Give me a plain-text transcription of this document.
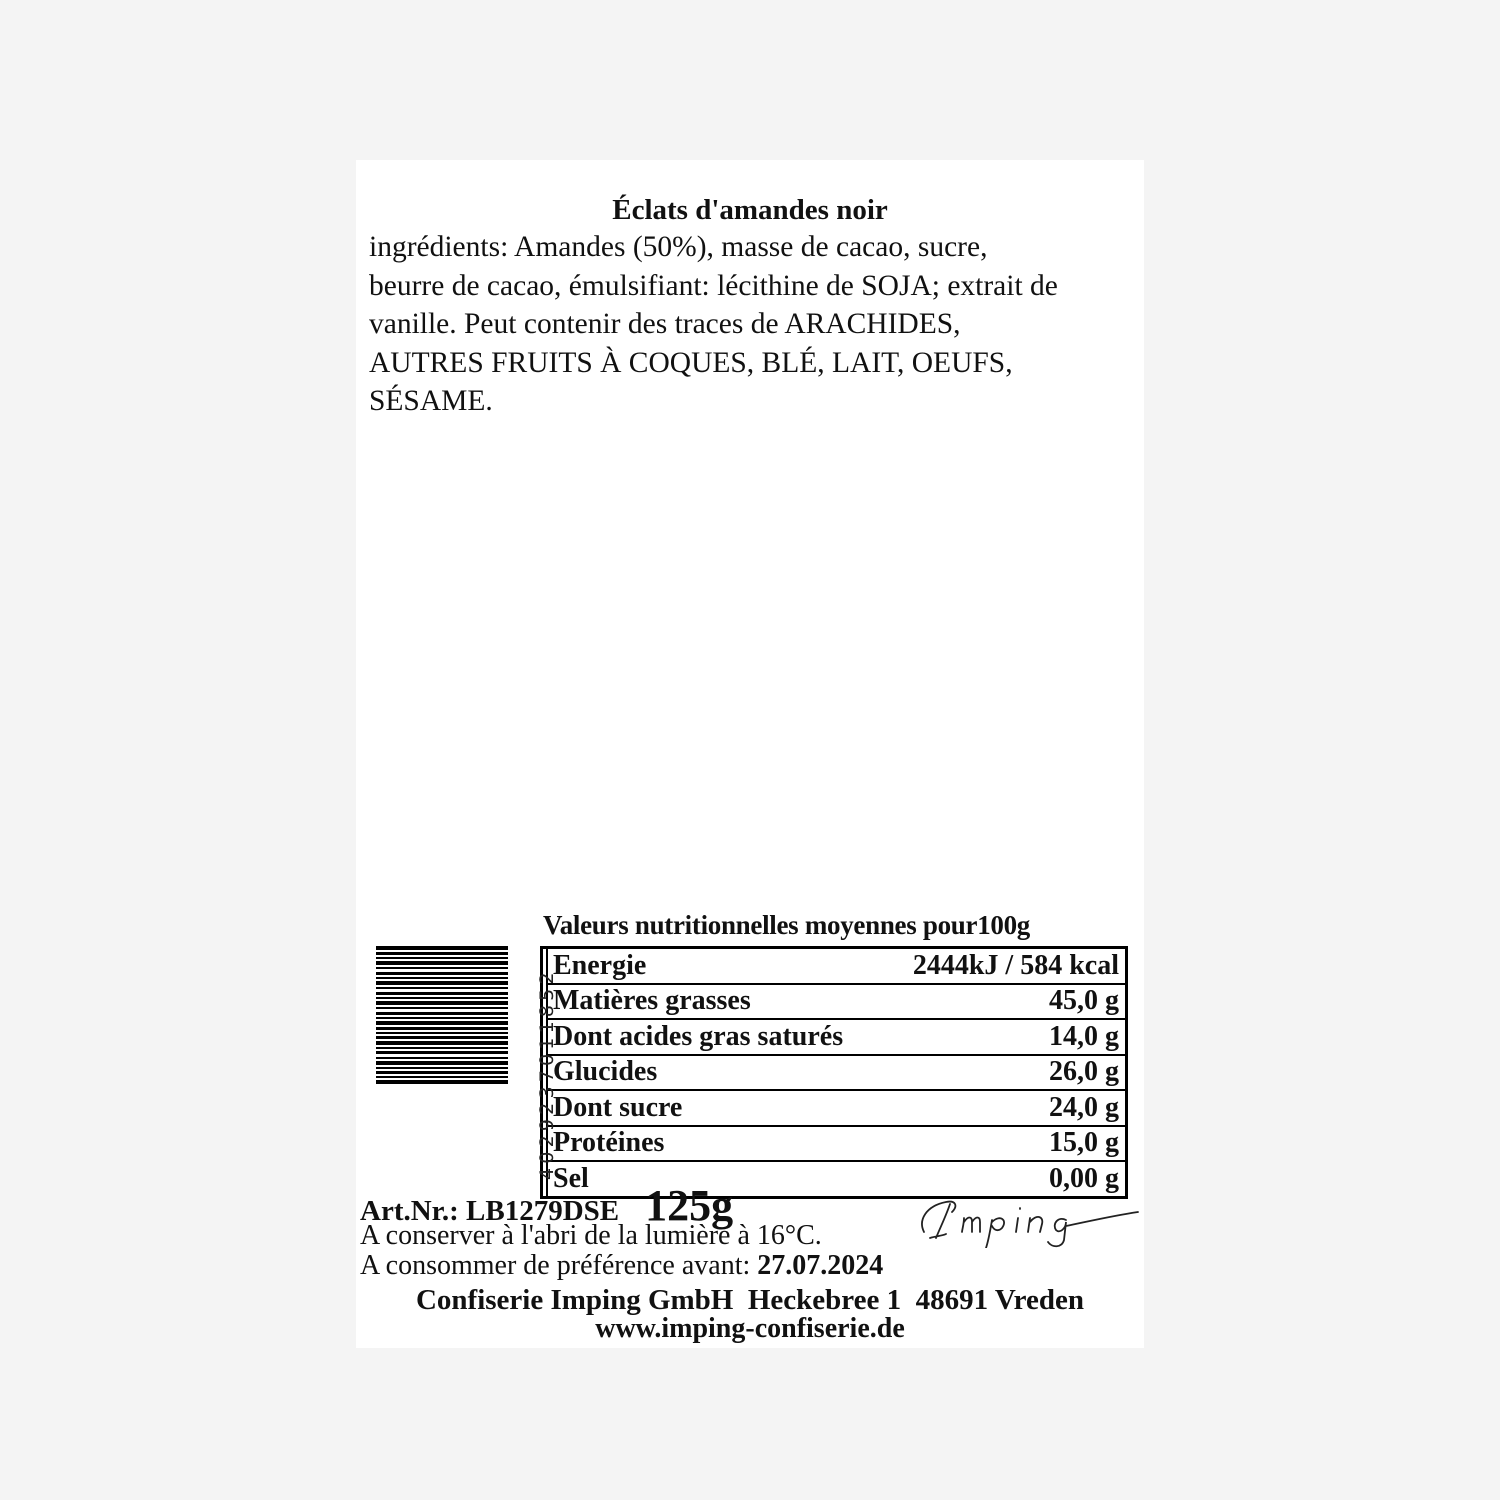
Éclats d'amandes noir
ingrédients: Amandes (50%), masse de cacao, sucre,
beurre de cacao, émulsifiant: lécithine de SOJA; extrait de
vanille. Peut contenir des traces de ARACHIDES,
AUTRES FRUITS À COQUES, BLÉ, LAIT, OEUFS,
SÉSAME.
Valeurs nutritionnelles moyennes pour100g
Energie	2444kJ / 584 kcal
Matières grasses	45,0 g
Dont acides gras saturés	14,0 g
Glucides	26,0 g
Dont sucre	24,0 g
Protéines	15,0 g
Sel	0,00 g
4029237011852
Art.Nr.: LB1279DSE 125g
A conserver à l'abri de la lumière à 16°C.
A consommer de préférence avant: 27.07.2024
Confiserie Imping GmbH  Heckebree 1  48691 Vreden
www.imping-confiserie.de
